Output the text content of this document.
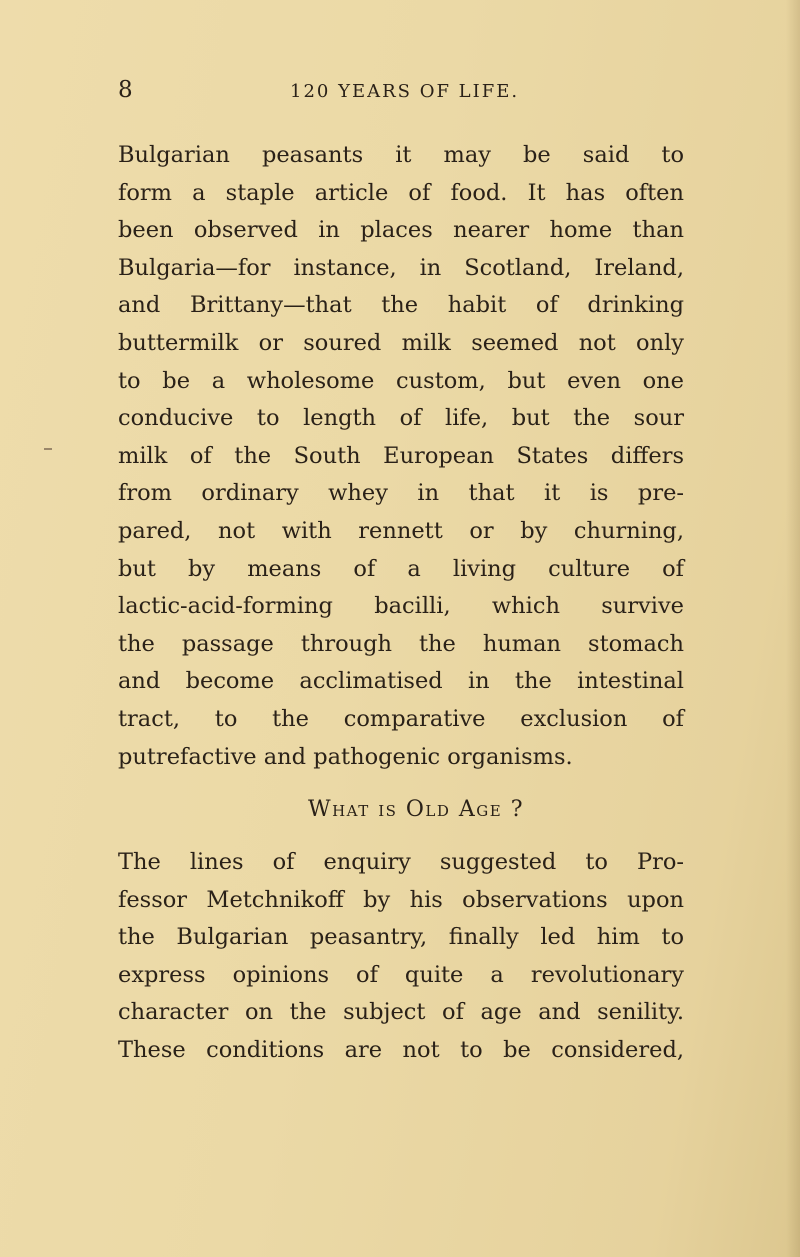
8	120 YEARS OF LIFE.
Bulgarian peasants it may be said to
form a staple article of food. It has often
been observed in places nearer home than
Bulgaria—for instance, in Scotland, Ireland,
and Brittany—that the habit of drinking
buttermilk or soured milk seemed not only
to be a wholesome custom, but even one
conducive to length of life, but the sour
milk of the South European States differs
from ordinary whey in that it is pre-
pared, not with rennett or by churning,
but by means of a living culture of
lactic-acid-forming bacilli, which survive
the passage through the human stomach
and become acclimatised in the intestinal
tract, to the comparative exclusion of
putrefactive and pathogenic organisms.
What is Old Age ?
The lines of enquiry suggested to Pro-
fessor Metchnikoff by his observations upon
the Bulgarian peasantry, finally led him to
express opinions of quite a revolutionary
character on the subject of age and senility.
These conditions are not to be considered,
